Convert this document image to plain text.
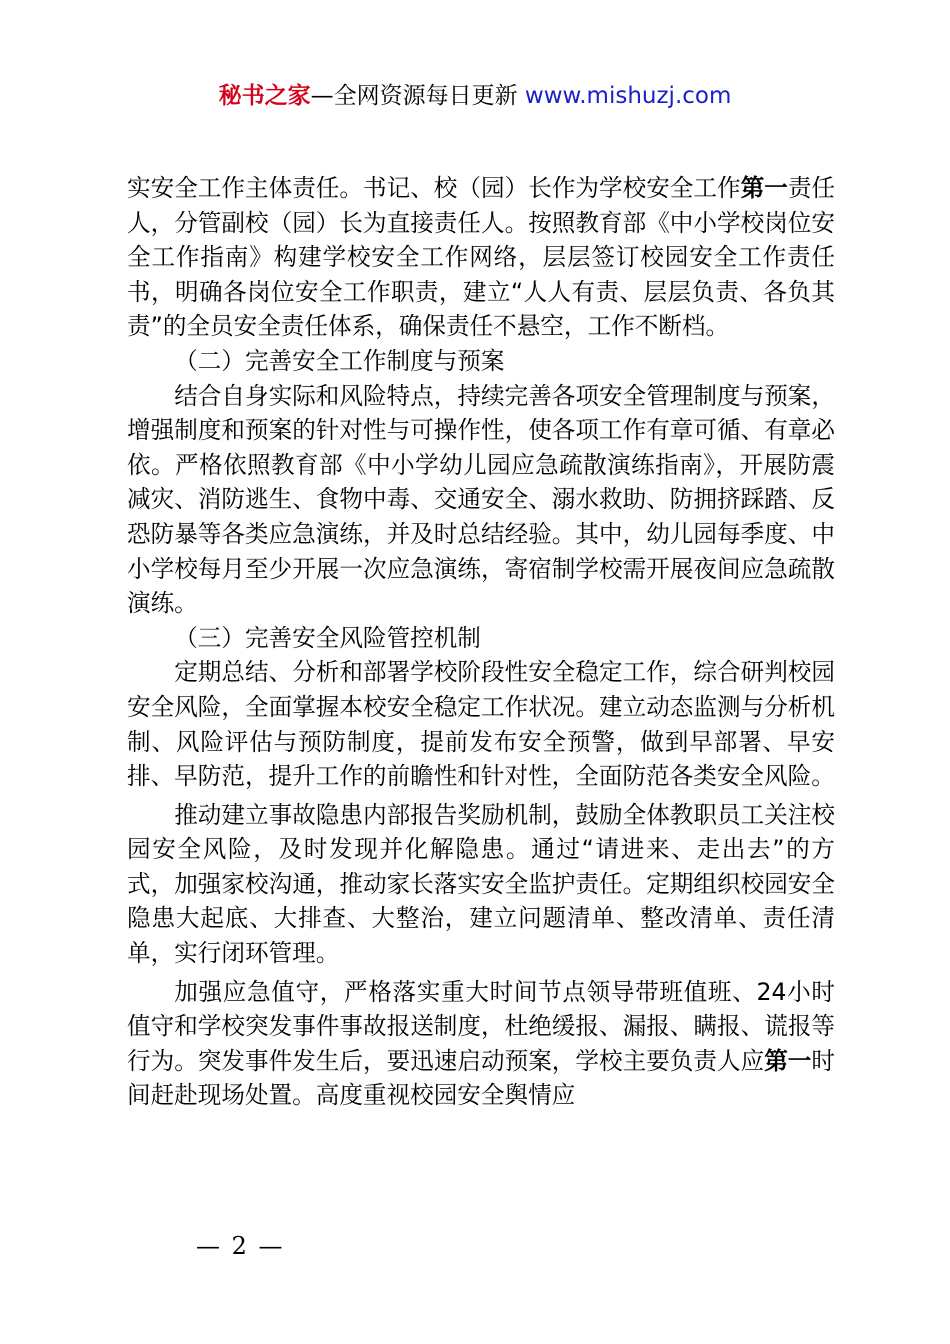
秘书之家—全网资源每日更新 www.mishuzj.com

实安全工作主体责任。书记、校（园）长作为学校安全工作第一责任人，分管副校（园）长为直接责任人。按照教育部《中小学校岗位安全工作指南》构建学校安全工作网络，层层签订校园安全工作责任书，明确各岗位安全工作职责，建立“人人有责、层层负责、各负其责”的全员安全责任体系，确保责任不悬空，工作不断档。

（二）完善安全工作制度与预案

结合自身实际和风险特点，持续完善各项安全管理制度与预案，增强制度和预案的针对性与可操作性，使各项工作有章可循、有章必依。严格依照教育部《中小学幼儿园应急疏散演练指南》，开展防震减灾、消防逃生、食物中毒、交通安全、溺水救助、防拥挤踩踏、反恐防暴等各类应急演练，并及时总结经验。其中，幼儿园每季度、中小学校每月至少开展一次应急演练，寄宿制学校需开展夜间应急疏散演练。

（三）完善安全风险管控机制

定期总结、分析和部署学校阶段性安全稳定工作，综合研判校园安全风险，全面掌握本校安全稳定工作状况。建立动态监测与分析机制、风险评估与预防制度，提前发布安全预警，做到早部署、早安排、早防范，提升工作的前瞻性和针对性，全面防范各类安全风险。

推动建立事故隐患内部报告奖励机制，鼓励全体教职员工关注校园安全风险，及时发现并化解隐患。通过“请进来、走出去”的方式，加强家校沟通，推动家长落实安全监护责任。定期组织校园安全隐患大起底、大排查、大整治，建立问题清单、整改清单、责任清单，实行闭环管理。

加强应急值守，严格落实重大时间节点领导带班值班、24小时值守和学校突发事件事故报送制度，杜绝缓报、漏报、瞒报、谎报等行为。突发事件发生后，要迅速启动预案，学校主要负责人应第一时间赶赴现场处置。高度重视校园安全舆情应

— 2 —
